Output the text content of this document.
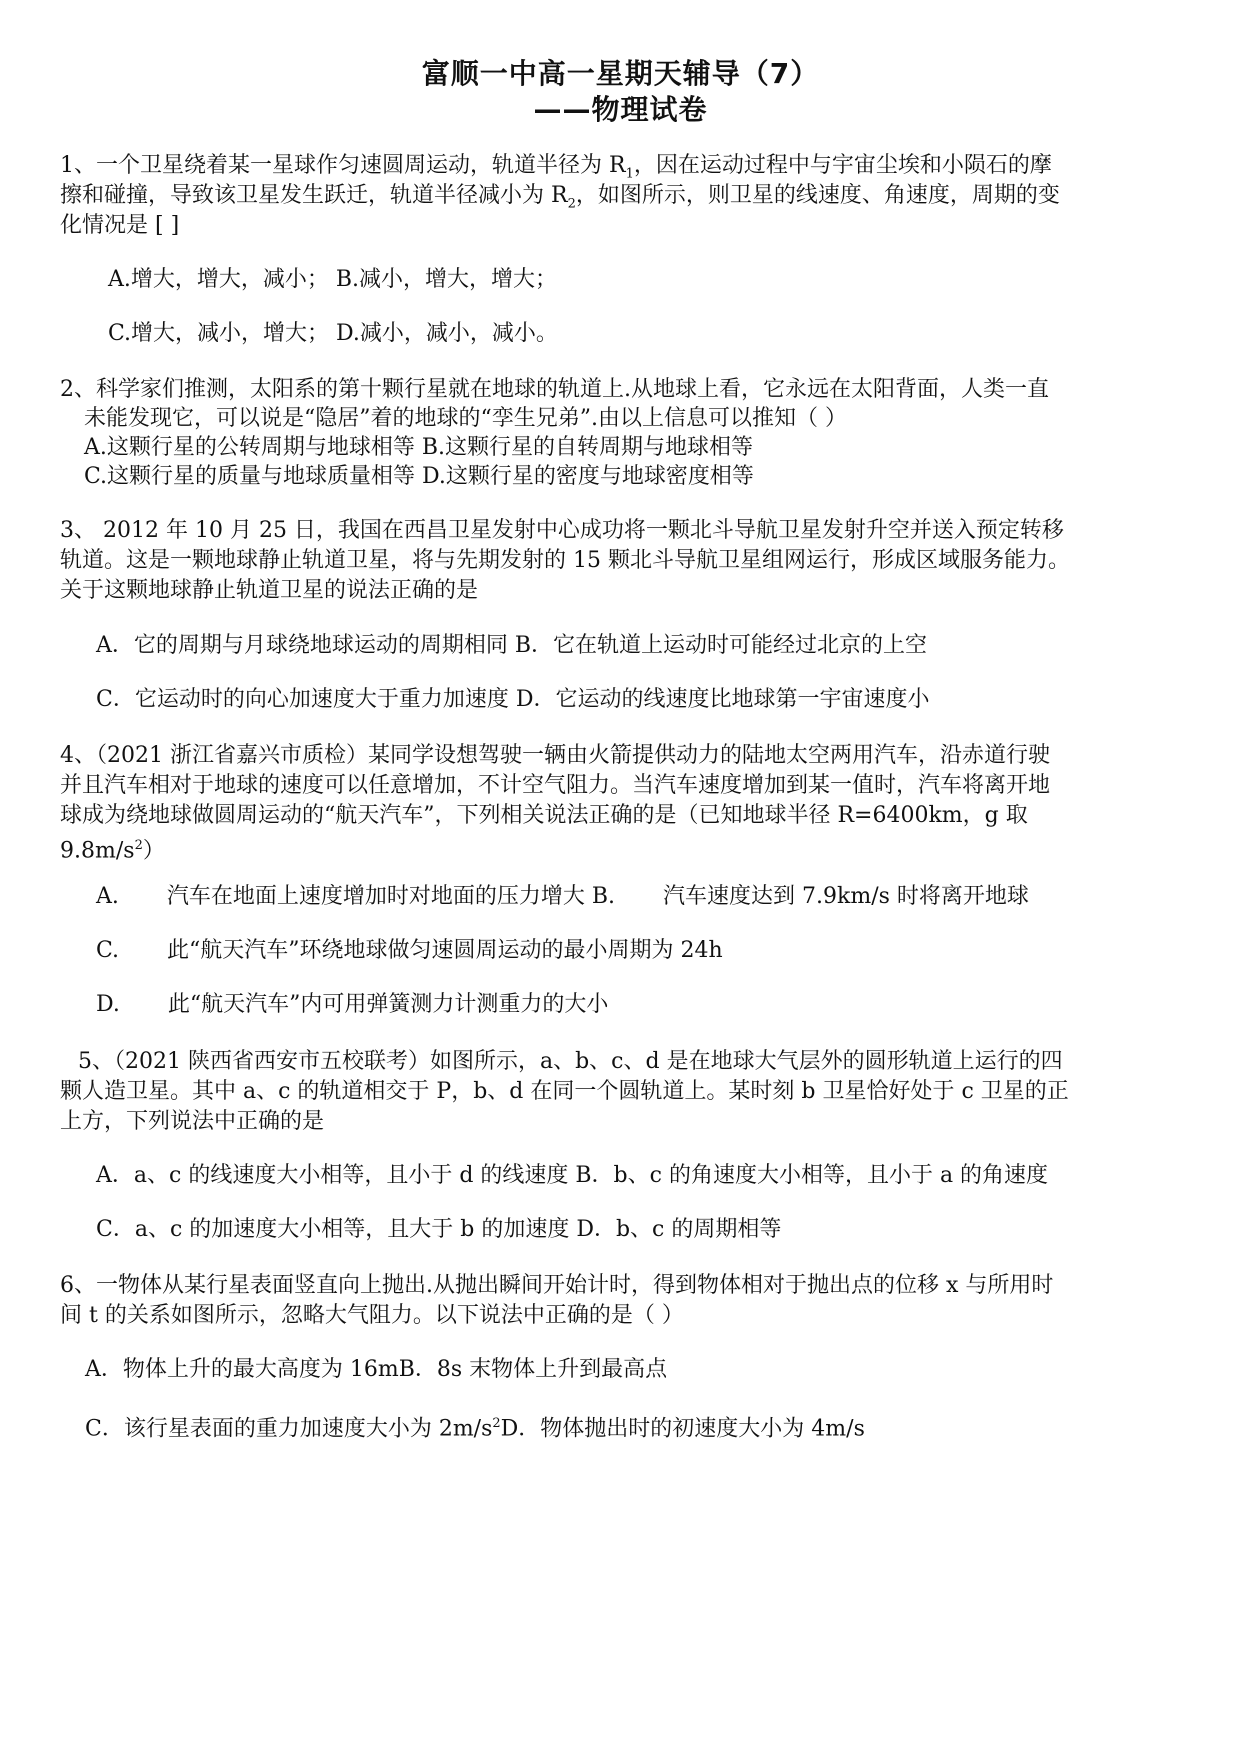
富顺一中高一星期天辅导（7）
——物理试卷
1、一个卫星绕着某一星球作匀速圆周运动，轨道半径为 $R_1$，因在运动过程中与宇宙尘埃和小陨石的摩
擦和碰撞，导致该卫星发生跃迁，轨道半径减小为 $R_2$，如图所示，则卫星的线速度、角速度，周期的变
化情况是 [ ]
A.增大，增大，减小； B.减小，增大，增大；
C.增大，减小，增大； D.减小，减小，减小。
2、科学家们推测，太阳系的第十颗行星就在地球的轨道上.从地球上看，它永远在太阳背面，人类一直
未能发现它，可以说是“隐居”着的地球的“孪生兄弟”.由以上信息可以推知（ ）
A.这颗行星的公转周期与地球相等 B.这颗行星的自转周期与地球相等
C.这颗行星的质量与地球质量相等 D.这颗行星的密度与地球密度相等
3、 2012 年 10 月 25 日，我国在西昌卫星发射中心成功将一颗北斗导航卫星发射升空并送入预定转移
轨道。这是一颗地球静止轨道卫星，将与先期发射的 15 颗北斗导航卫星组网运行，形成区域服务能力。
关于这颗地球静止轨道卫星的说法正确的是
A．它的周期与月球绕地球运动的周期相同 B．它在轨道上运动时可能经过北京的上空
C．它运动时的向心加速度大于重力加速度 D．它运动的线速度比地球第一宇宙速度小
4、（2021 浙江省嘉兴市质检）某同学设想驾驶一辆由火箭提供动力的陆地太空两用汽车，沿赤道行驶
并且汽车相对于地球的速度可以任意增加，不计空气阻力。当汽车速度增加到某一值时，汽车将离开地
球成为绕地球做圆周运动的“航天汽车”，下列相关说法正确的是（已知地球半径 R=6400km，g 取
$9.8m/s^2$）
A. 汽车在地面上速度增加时对地面的压力增大 B. 汽车速度达到 7.9km/s 时将离开地球
C. 此“航天汽车”环绕地球做匀速圆周运动的最小周期为 24h
D. 此“航天汽车”内可用弹簧测力计测重力的大小
5、（2021 陕西省西安市五校联考）如图所示，a、b、c、d 是在地球大气层外的圆形轨道上运行的四
颗人造卫星。其中 a、c 的轨道相交于 P，b、d 在同一个圆轨道上。某时刻 b 卫星恰好处于 c 卫星的正
上方，下列说法中正确的是
A．a、c 的线速度大小相等，且小于 d 的线速度 B．b、c 的角速度大小相等，且小于 a 的角速度
C．a、c 的加速度大小相等，且大于 b 的加速度 D．b、c 的周期相等
6、一物体从某行星表面竖直向上抛出.从抛出瞬间开始计时，得到物体相对于抛出点的位移 x 与所用时
间 t 的关系如图所示，忽略大气阻力。以下说法中正确的是（ ）
A．物体上升的最大高度为 16mB．8s 末物体上升到最高点
C．该行星表面的重力加速度大小为 $2m/s^2D$．物体抛出时的初速度大小为 4m/s
